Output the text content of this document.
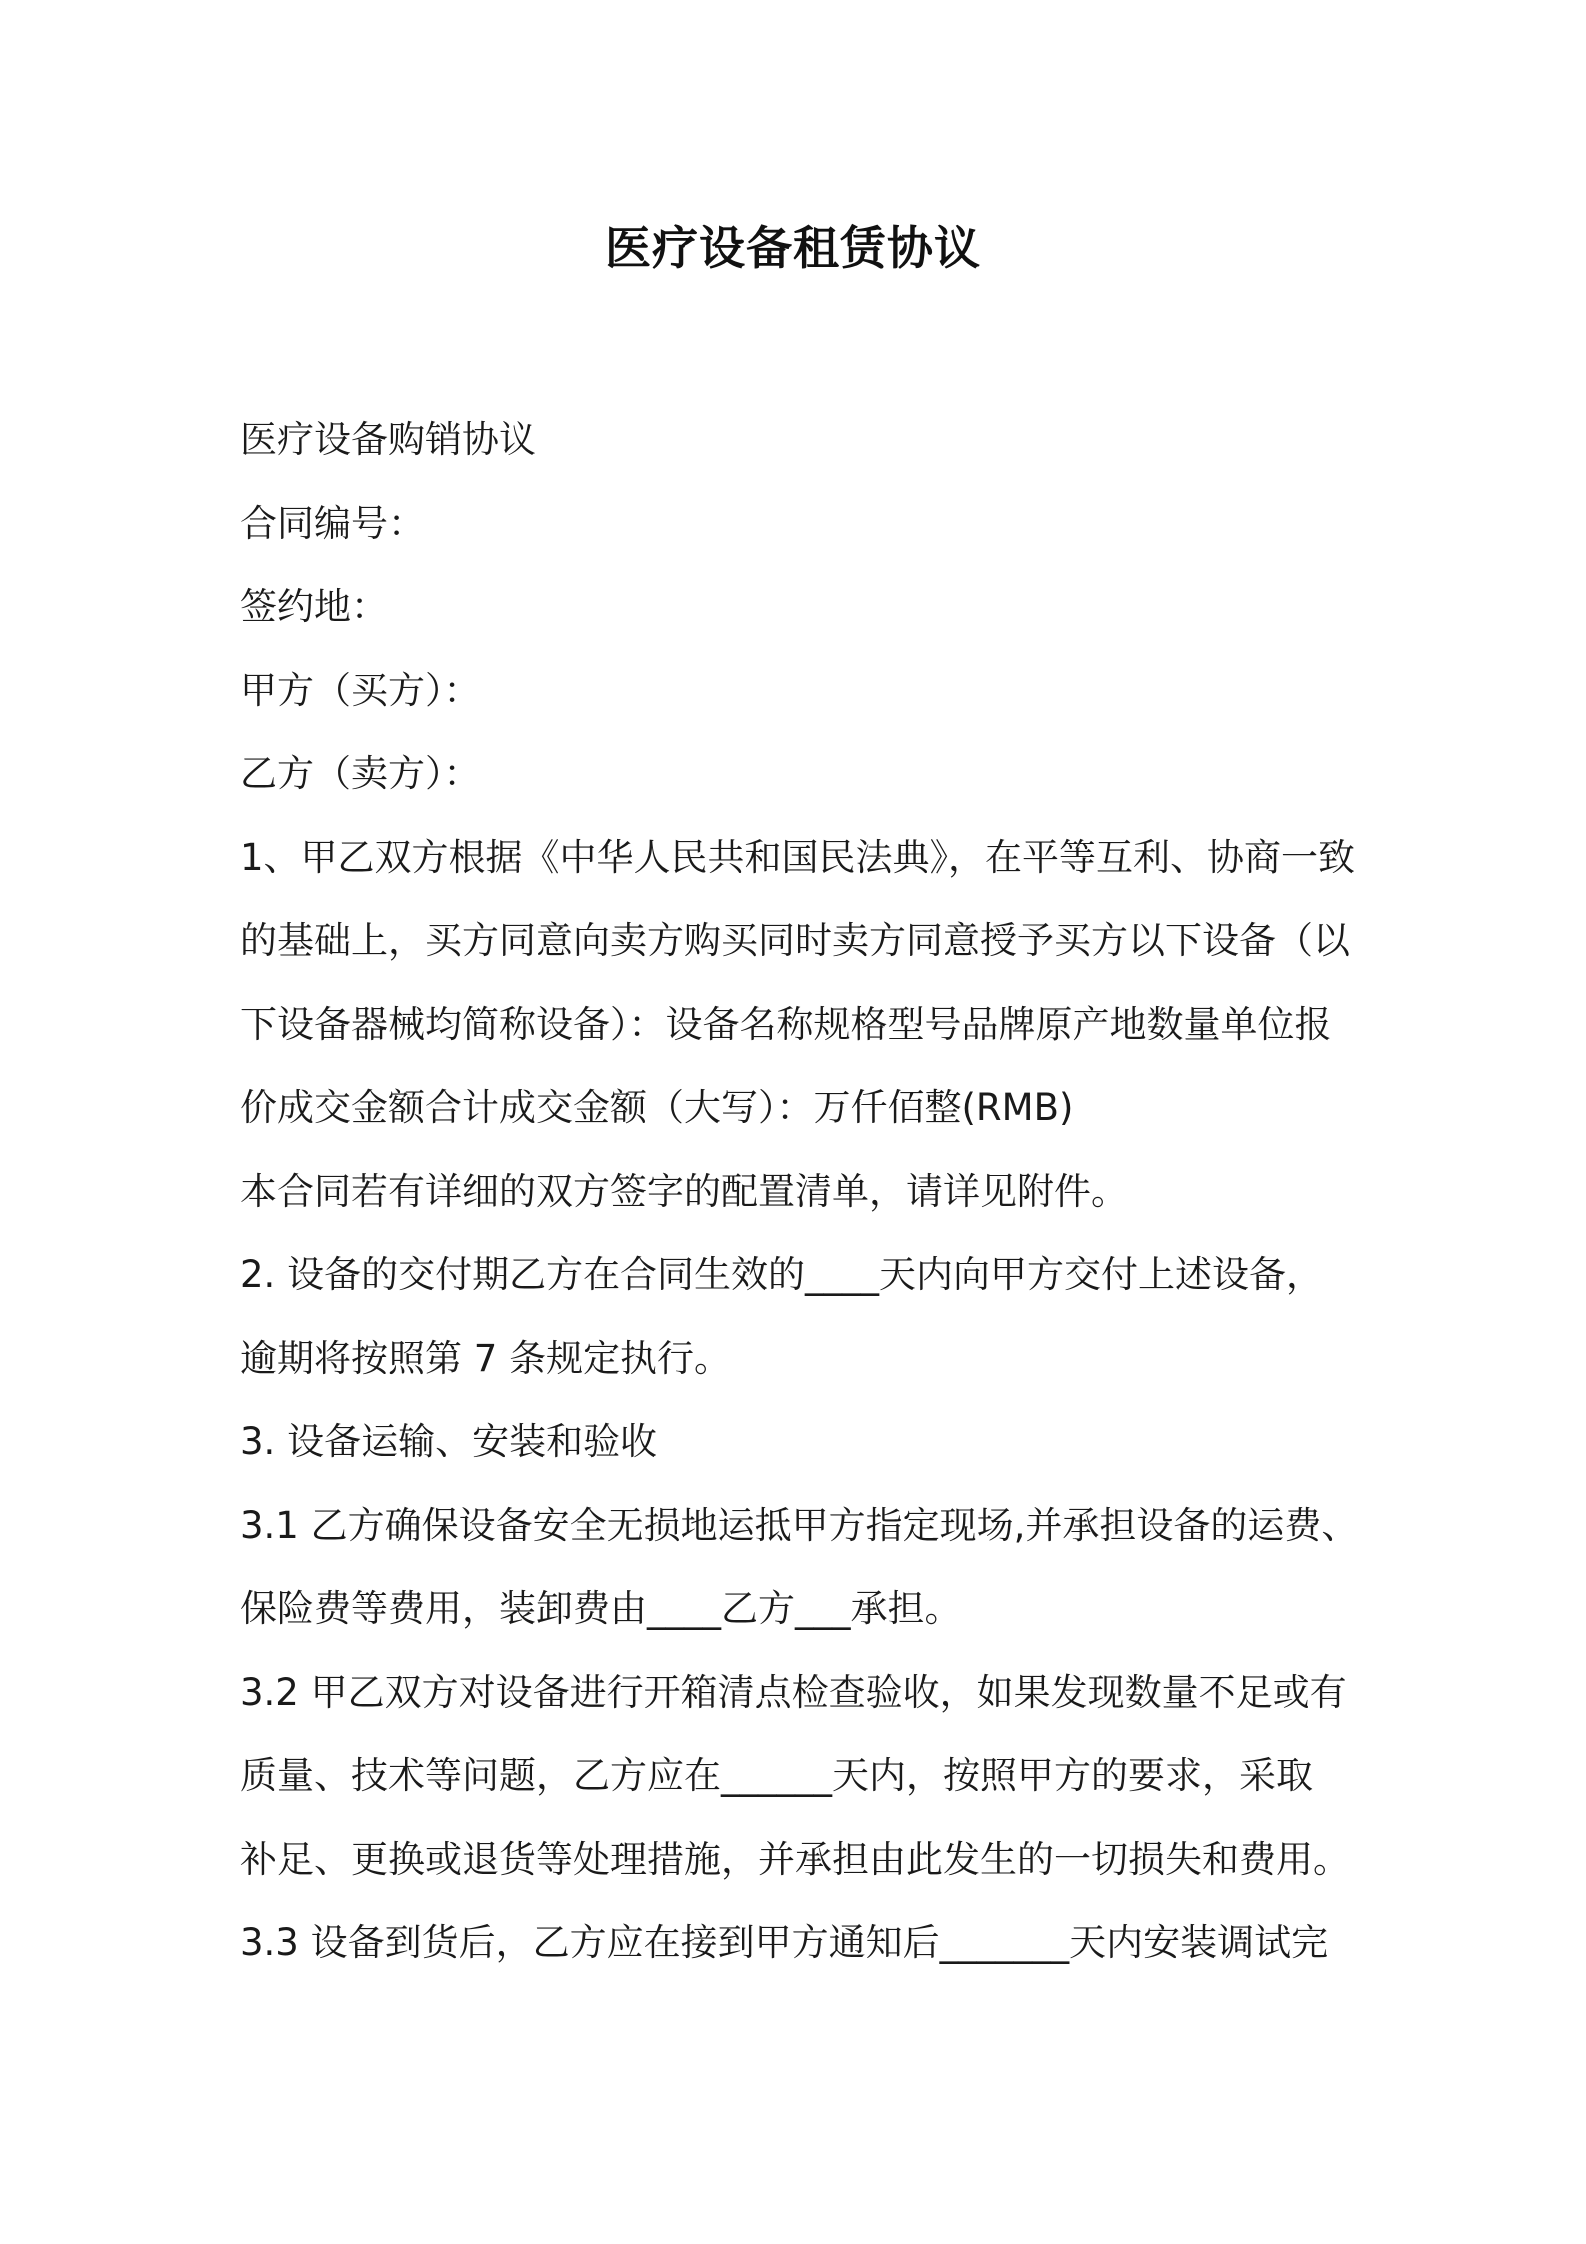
医疗设备租赁协议
医疗设备购销协议
合同编号：
签约地：
甲方（买方）：
乙方（卖方）：
1、甲乙双方根据《中华人民共和国民法典》，在平等互利、协商一致
的基础上，买方同意向卖方购买同时卖方同意授予买方以下设备（以
下设备器械均简称设备）：设备名称规格型号品牌原产地数量单位报
价成交金额合计成交金额（大写）：万仟佰整(RMB)
本合同若有详细的双方签字的配置清单，请详见附件。
2. 设备的交付期乙方在合同生效的____天内向甲方交付上述设备，
逾期将按照第 7 条规定执行。
3. 设备运输、安装和验收
3.1 乙方确保设备安全无损地运抵甲方指定现场,并承担设备的运费、
保险费等费用，装卸费由____乙方___承担。
3.2 甲乙双方对设备进行开箱清点检查验收，如果发现数量不足或有
质量、技术等问题，乙方应在______天内，按照甲方的要求，采取
补足、更换或退货等处理措施，并承担由此发生的一切损失和费用。
3.3 设备到货后，乙方应在接到甲方通知后_______天内安装调试完
